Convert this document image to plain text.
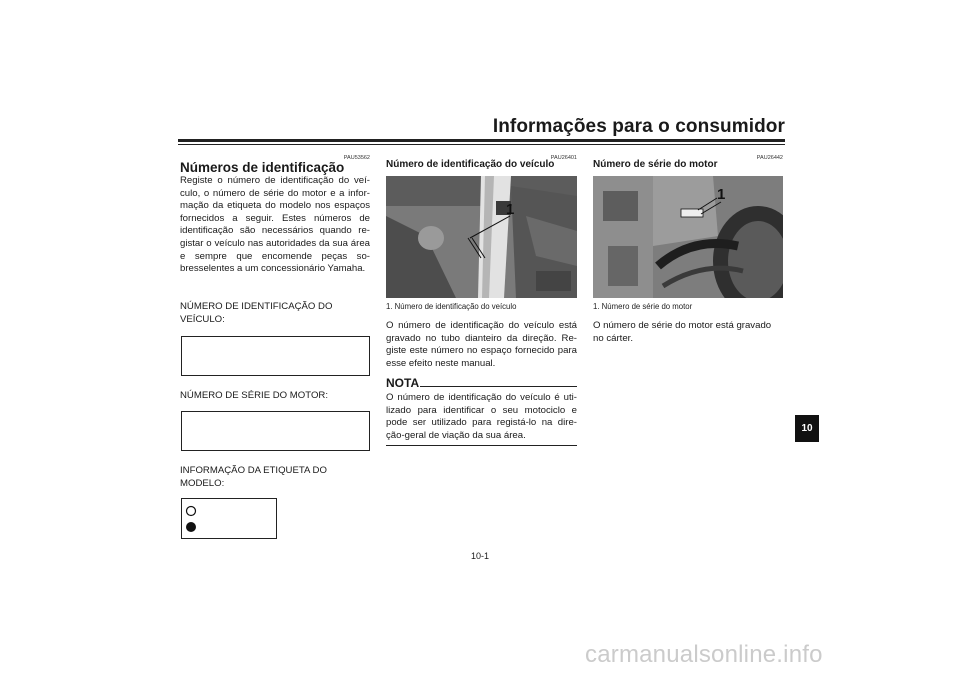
Informações para o consumidor
PAU53562
Números de identificação
Registe o número de identificação do veí-culo, o número de série do motor e a infor-mação da etiqueta do modelo nos espaços fornecidos a seguir. Estes números de identificação são necessários quando re-gistar o veículo nas autoridades da sua área e sempre que encomende peças so-bresselentes a um concessionário Yamaha.
NÚMERO DE IDENTIFICAÇÃO DO VEÍCULO:
NÚMERO DE SÉRIE DO MOTOR:
INFORMAÇÃO DA ETIQUETA DO MODELO:
PAU26401
Número de identificação do veículo
1
1. Número de identificação do veículo
O número de identificação do veículo está gravado no tubo dianteiro da direção. Re-giste este número no espaço fornecido para esse efeito neste manual.
NOTA
O número de identificação do veículo é uti-lizado para identificar o seu motociclo e pode ser utilizado para registá-lo na dire-ção-geral de viação da sua área.
PAU26442
Número de série do motor
1
1. Número de série do motor
O número de série do motor está gravado no cárter.
10
10-1
carmanualsonline.info
